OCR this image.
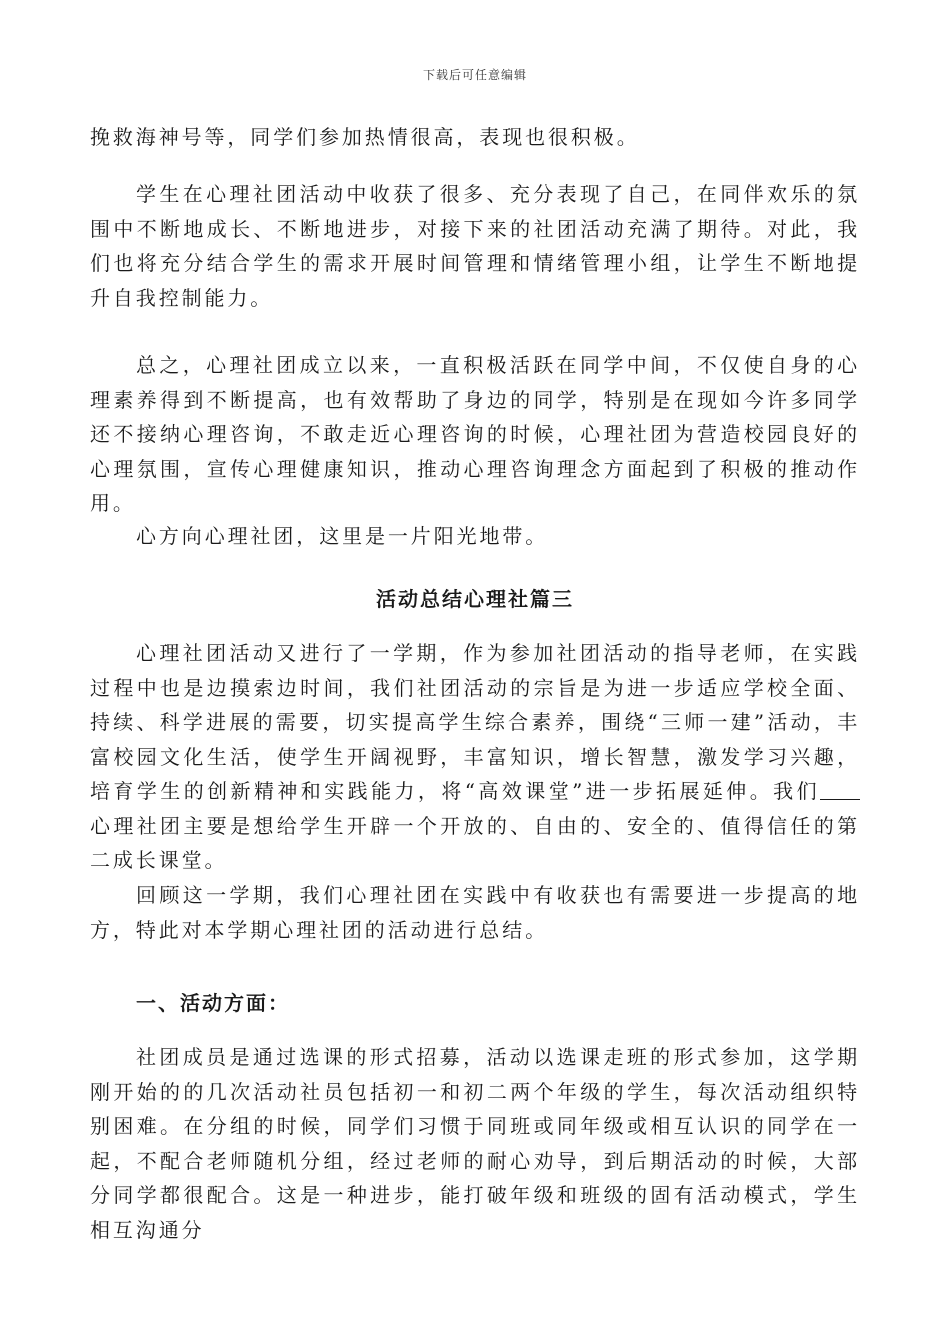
下载后可任意编辑

挽救海神号等，同学们参加热情很高，表现也很积极。

学生在心理社团活动中收获了很多、充分表现了自己，在同伴欢乐的氛围中不断地成长、不断地进步，对接下来的社团活动充满了期待。对此，我们也将充分结合学生的需求开展时间管理和情绪管理小组，让学生不断地提升自我控制能力。

总之，心理社团成立以来，一直积极活跃在同学中间，不仅使自身的心理素养得到不断提高，也有效帮助了身边的同学，特别是在现如今许多同学还不接纳心理咨询，不敢走近心理咨询的时候，心理社团为营造校园良好的心理氛围，宣传心理健康知识，推动心理咨询理念方面起到了积极的推动作用。

心方向心理社团，这里是一片阳光地带。

活动总结心理社篇三

心理社团活动又进行了一学期，作为参加社团活动的指导老师，在实践过程中也是边摸索边时间，我们社团活动的宗旨是为进一步适应学校全面、持续、科学进展的需要，切实提高学生综合素养，围绕“三师一建”活动，丰富校园文化生活，使学生开阔视野，丰富知识，增长智慧，激发学习兴趣，培育学生的创新精神和实践能力，将“高效课堂”进一步拓展延伸。我们心理社团主要是想给学生开辟一个开放的、自由的、安全的、值得信任的第二成长课堂。

回顾这一学期，我们心理社团在实践中有收获也有需要进一步提高的地方，特此对本学期心理社团的活动进行总结。

一、活动方面：

社团成员是通过选课的形式招募，活动以选课走班的形式参加，这学期刚开始的的几次活动社员包括初一和初二两个年级的学生，每次活动组织特别困难。在分组的时候，同学们习惯于同班或同年级或相互认识的同学在一起，不配合老师随机分组，经过老师的耐心劝导，到后期活动的时候，大部分同学都很配合。这是一种进步，能打破年级和班级的固有活动模式，学生相互沟通分
